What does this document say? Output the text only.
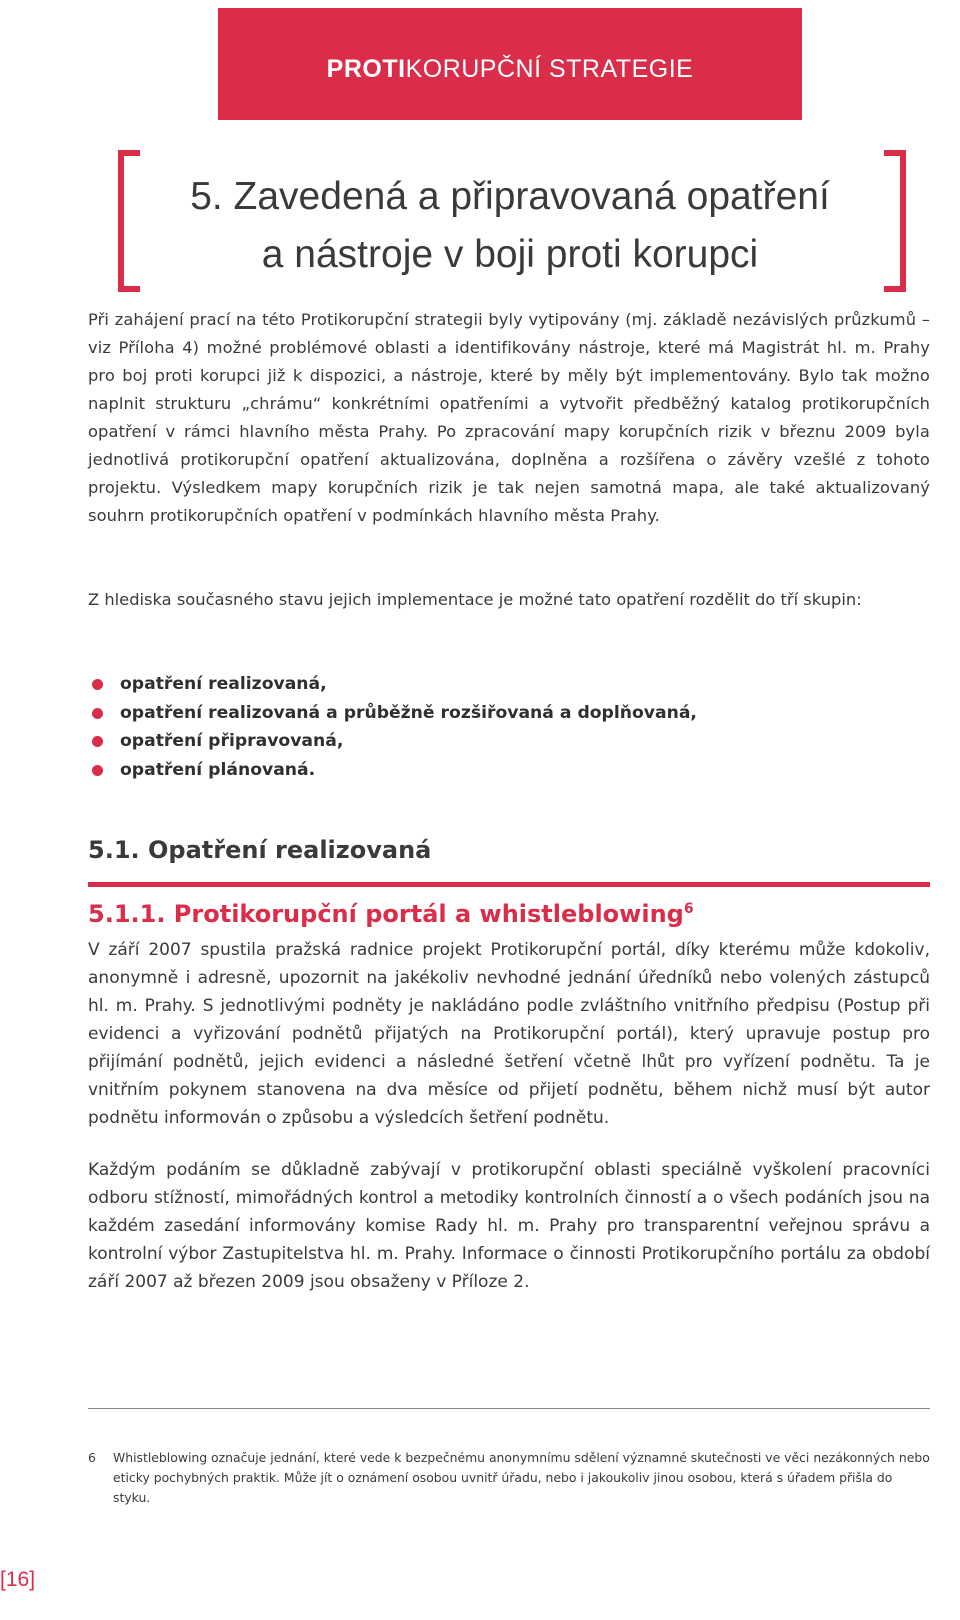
PROTIKORUPČNÍ STRATEGIE
5. Zavedená a připravovaná opatření
a nástroje v boji proti korupci

Při zahájení prací na této Protikorupční strategii byly vytipovány (mj. základě nezávislých průzkumů – viz Příloha 4) možné problémové oblasti a identifikovány nástroje, které má Magistrát hl. m. Prahy pro boj proti korupci již k dispozici, a nástroje, které by měly být implementovány. Bylo tak možno naplnit strukturu „chrámu“ konkrétními opatřeními a vytvořit předběžný katalog protikorupčních opatření v rámci hlavního města Prahy. Po zpracování mapy korupčních rizik v březnu 2009 byla jednotlivá protikorupční opatření aktualizována, doplněna a rozšířena o závěry vzešlé z tohoto projektu. Výsledkem mapy korupčních rizik je tak nejen samotná mapa, ale také aktualizovaný souhrn protikorupčních opatření v podmínkách hlavního města Prahy.

Z hlediska současného stavu jejich implementace je možné tato opatření rozdělit do tří skupin:

opatření realizovaná,
opatření realizovaná a průběžně rozšiřovaná a doplňovaná,
opatření připravovaná,
opatření plánovaná.
5.1. Opatření realizovaná
5.1.1. Protikorupční portál a whistleblowing$^6$

V září 2007 spustila pražská radnice projekt Protikorupční portál, díky kterému může kdokoliv, anonymně i adresně, upozornit na jakékoliv nevhodné jednání úředníků nebo volených zástupců hl. m. Prahy. S jednotlivými podněty je nakládáno podle zvláštního vnitřního předpisu (Postup při evidenci a vyřizování podnětů přijatých na Protikorupční portál), který upravuje postup pro přijímání podnětů, jejich evidenci a následné šetření včetně lhůt pro vyřízení podnětu. Ta je vnitřním pokynem stanovena na dva měsíce od přijetí podnětu, během nichž musí být autor podnětu informován o způsobu a výsledcích šetření podnětu.

Každým podáním se důkladně zabývají v protikorupční oblasti speciálně vyškolení pracovníci odboru stížností, mimořádných kontrol a metodiky kontrolních činností a o všech podáních jsou na každém zasedání informovány komise Rady hl. m. Prahy pro transparentní veřejnou správu a kontrolní výbor Zastupitelstva hl. m. Prahy. Informace o činnosti Protikorupčního portálu za období září 2007 až březen 2009 jsou obsaženy v Příloze 2.

6	Whistleblowing označuje jednání, které vede k bezpečnému anonymnímu sdělení významné skutečnosti ve věci nezákonných nebo eticky pochybných praktik. Může jít o oznámení osobou uvnitř úřadu, nebo i jakoukoliv jinou osobou, která s úřadem přišla do styku.
[16]
